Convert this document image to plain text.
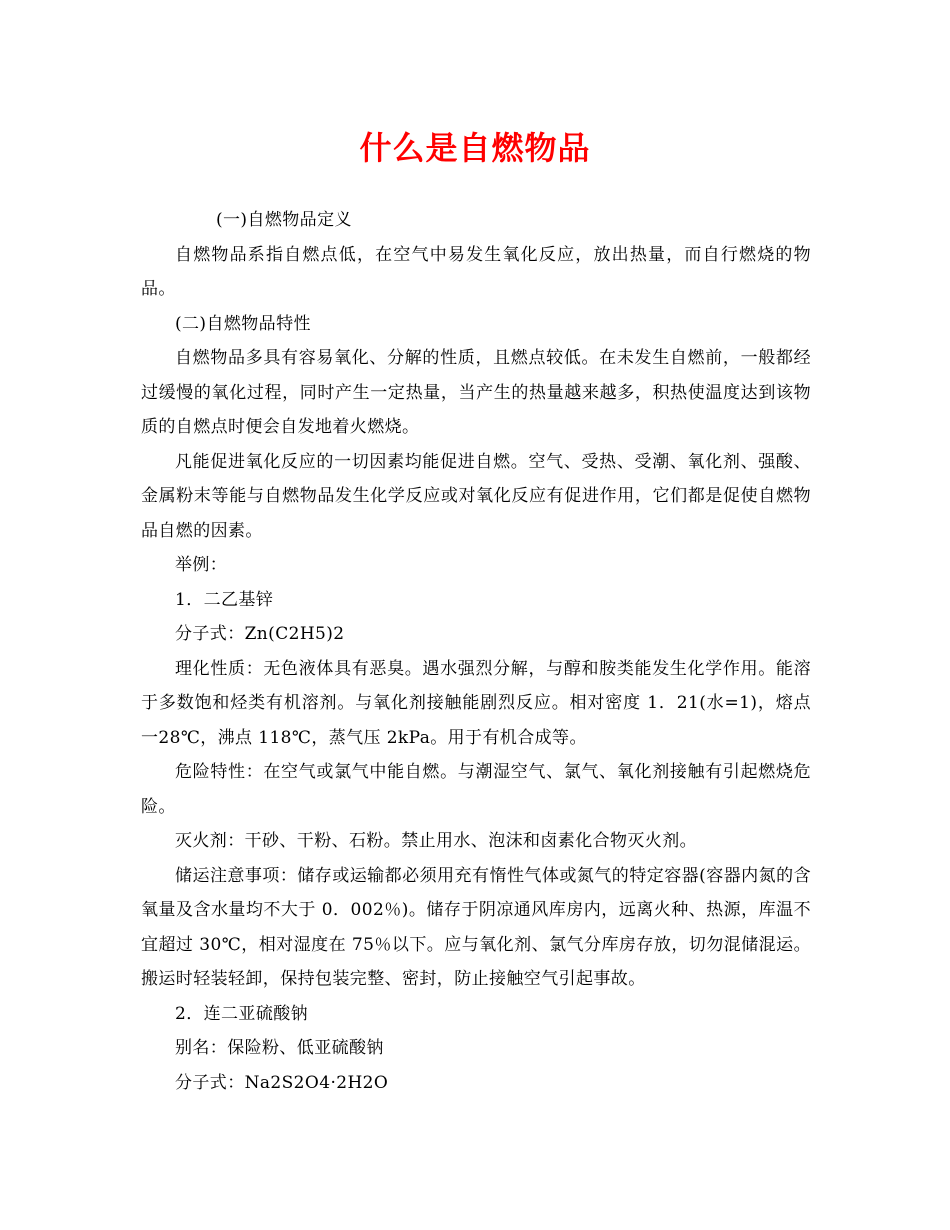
什么是自燃物品

(一)自燃物品定义

自燃物品系指自燃点低，在空气中易发生氧化反应，放出热量，而自行燃烧的物品。

(二)自燃物品特性

自燃物品多具有容易氧化、分解的性质，且燃点较低。在未发生自燃前，一般都经过缓慢的氧化过程，同时产生一定热量，当产生的热量越来越多，积热使温度达到该物质的自燃点时便会自发地着火燃烧。

凡能促进氧化反应的一切因素均能促进自燃。空气、受热、受潮、氧化剂、强酸、金属粉末等能与自燃物品发生化学反应或对氧化反应有促进作用，它们都是促使自燃物品自燃的因素。

举例：

1．二乙基锌

分子式：Zn(C2H5)2

理化性质：无色液体具有恶臭。遇水强烈分解，与醇和胺类能发生化学作用。能溶于多数饱和烃类有机溶剂。与氧化剂接触能剧烈反应。相对密度 1．21(水=1)，熔点一28℃，沸点 118℃，蒸气压 2kPa。用于有机合成等。

危险特性：在空气或氯气中能自燃。与潮湿空气、氯气、氧化剂接触有引起燃烧危险。

灭火剂：干砂、干粉、石粉。禁止用水、泡沫和卤素化合物灭火剂。

储运注意事项：储存或运输都必须用充有惰性气体或氮气的特定容器(容器内氮的含氧量及含水量均不大于 0．002％)。储存于阴凉通风库房内，远离火种、热源，库温不宜超过 30℃，相对湿度在 75％以下。应与氧化剂、氯气分库房存放，切勿混储混运。搬运时轻装轻卸，保持包装完整、密封，防止接触空气引起事故。

2．连二亚硫酸钠

别名：保险粉、低亚硫酸钠

分子式：Na2S2O4·2H2O
